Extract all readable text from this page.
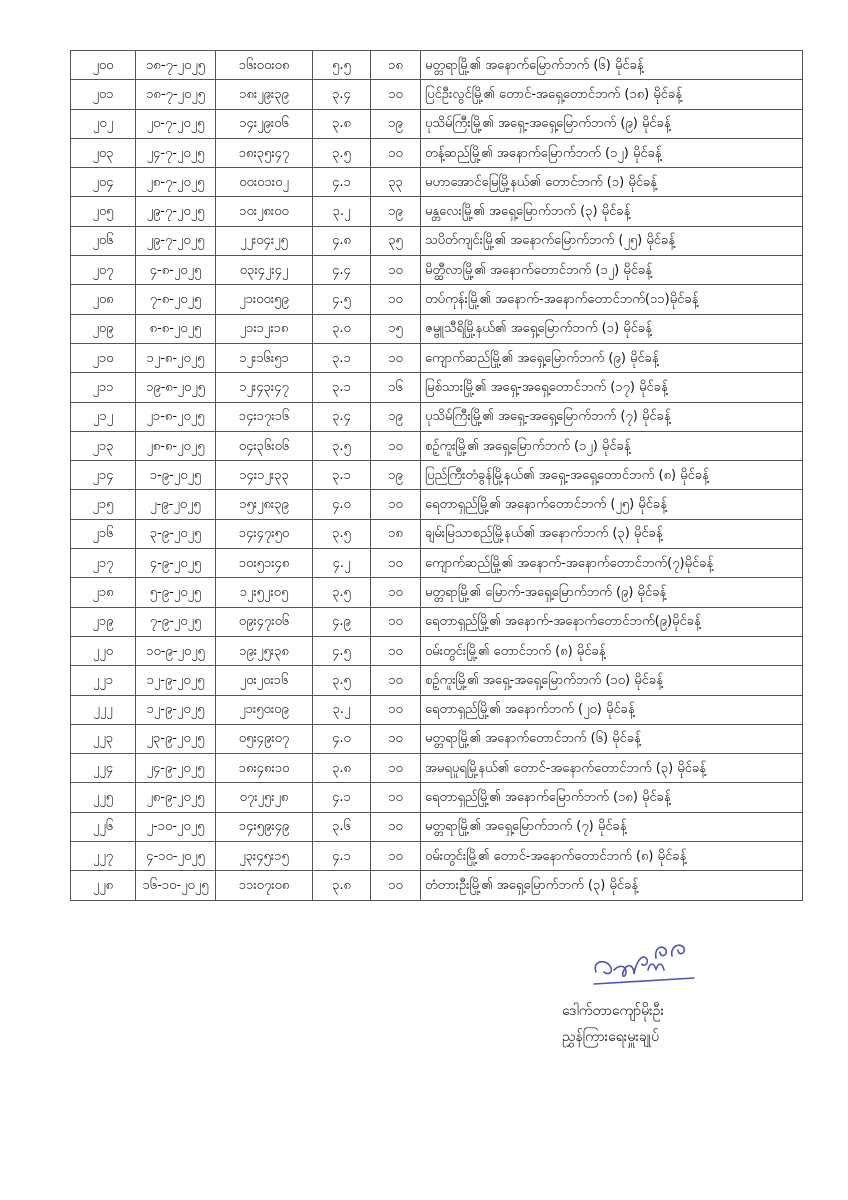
၂၀၀	၁၈-၇-၂၀၂၅	၁၆း၀၀း၀၈	၅.၅	၁၈	မတ္တရာမြို့၏ အနောက်မြောက်ဘက် (၆) မိုင်ခန့်
၂၀၁	၁၈-၇-၂၀၂၅	၁၈း၂၉း၃၉	၃.၄	၁၀	ပြင်ဦးလွင်မြို့၏ တောင်-အရှေ့တောင်ဘက် (၁၈) မိုင်ခန့်
၂၀၂	၂၀-၇-၂၀၂၅	၁၄း၂၉း၀၆	၃.၈	၁၉	ပုသိမ်ကြီးမြို့၏ အရှေ့-အရှေ့မြောက်ဘက် (၉) မိုင်ခန့်
၂၀၃	၂၄-၇-၂၀၂၅	၁၈း၃၅း၄၇	၃.၅	၁၀	တန့်ဆည်မြို့၏ အနောက်မြောက်ဘက် (၁၂) မိုင်ခန့်
၂၀၄	၂၈-၇-၂၀၂၅	၀၀း၀၁း၀၂	၄.၁	၃၃	မဟာအောင်မြေမြို့နယ်၏ တောင်ဘက် (၁) မိုင်ခန့်
၂၀၅	၂၉-၇-၂၀၂၅	၁၀း၂၈း၀၀	၃.၂	၁၉	မန္တလေးမြို့၏ အရှေ့မြောက်ဘက် (၃) မိုင်ခန့်
၂၀၆	၂၉-၇-၂၀၂၅	၂၂း၀၄း၂၅	၄.၈	၃၅	သပိတ်ကျင်းမြို့၏ အနောက်မြောက်ဘက် (၂၅) မိုင်ခန့်
၂၀၇	၄-၈-၂၀၂၅	၀၃း၄၂း၄၂	၄.၄	၁၀	မိတ္ထီလာမြို့၏ အနောက်တောင်ဘက် (၁၂) မိုင်ခန့်
၂၀၈	၇-၈-၂၀၂၅	၂၁း၀၀း၅၉	၄.၅	၁၀	တပ်ကုန်းမြို့၏ အနောက်-အနောက်တောင်ဘက်(၁၁)မိုင်ခန့်
၂၀၉	၈-၈-၂၀၂၅	၂၁း၁၂း၁၈	၃.၀	၁၅	ဇမ္ဗူသီရိမြို့နယ်၏ အရှေ့မြောက်ဘက် (၁) မိုင်ခန့်
၂၁၀	၁၂-၈-၂၀၂၅	၁၂း၁၆း၅၁	၃.၁	၁၀	ကျောက်ဆည်မြို့၏ အရှေ့မြောက်ဘက် (၉) မိုင်ခန့်
၂၁၁	၁၉-၈-၂၀၂၅	၁၂း၄၃း၄၇	၃.၁	၁၆	မြစ်သားမြို့၏ အရှေ့-အရှေ့တောင်ဘက် (၁၇) မိုင်ခန့်
၂၁၂	၂၁-၈-၂၀၂၅	၁၄း၁၇း၁၆	၃.၄	၁၉	ပုသိမ်ကြီးမြို့၏ အရှေ့-အရှေ့မြောက်ဘက် (၇) မိုင်ခန့်
၂၁၃	၂၈-၈-၂၀၂၅	၀၄း၃၆း၀၆	၃.၅	၁၀	စဉ့်ကူးမြို့၏ အရှေ့မြောက်ဘက် (၁၂) မိုင်ခန့်
၂၁၄	၁-၉-၂၀၂၅	၁၄း၁၂း၃၃	၃.၁	၁၉	ပြည်ကြီးတံခွန်မြို့နယ်၏ အရှေ့-အရှေ့တောင်ဘက် (၈) မိုင်ခန့်
၂၁၅	၂-၉-၂၀၂၅	၁၅း၂၈း၃၉	၄.၀	၁၀	ရေတာရှည်မြို့၏ အနောက်တောင်ဘက် (၂၅) မိုင်ခန့်
၂၁၆	၃-၉-၂၀၂၅	၁၄း၄၇း၅၀	၃.၅	၁၈	ချမ်းမြသာစည်မြို့နယ်၏ အနောက်ဘက် (၃) မိုင်ခန့်
၂၁၇	၄-၉-၂၀၂၅	၁၀း၅၁း၄၈	၄.၂	၁၀	ကျောက်ဆည်မြို့၏ အနောက်-အနောက်တောင်ဘက်(၇)မိုင်ခန့်
၂၁၈	၅-၉-၂၀၂၅	၁၂း၅၂း၀၅	၃.၅	၁၀	မတ္တရာမြို့၏ မြောက်-အရှေ့မြောက်ဘက် (၉) မိုင်ခန့်
၂၁၉	၇-၉-၂၀၂၅	၀၉း၄၇း၀၆	၄.၉	၁၀	ရေတာရှည်မြို့၏ အနောက်-အနောက်တောင်ဘက်(၉)မိုင်ခန့်
၂၂၀	၁၀-၉-၂၀၂၅	၁၉း၂၅း၃၈	၄.၅	၁၀	ဝမ်းတွင်းမြို့၏ တောင်ဘက် (၈) မိုင်ခန့်
၂၂၁	၁၂-၉-၂၀၂၅	၂၀း၂၀း၁၆	၃.၅	၁၀	စဉ့်ကူးမြို့၏ အရှေ့-အရှေ့မြောက်ဘက် (၁၀) မိုင်ခန့်
၂၂၂	၁၂-၉-၂၀၂၅	၂၁း၅၀း၀၉	၃.၂	၁၀	ရေတာရှည်မြို့၏ အနောက်ဘက် (၂၀) မိုင်ခန့်
၂၂၃	၂၃-၉-၂၀၂၅	၀၅း၄၉း၀၇	၄.၀	၁၀	မတ္တရာမြို့၏ အနောက်တောင်ဘက် (၆) မိုင်ခန့်
၂၂၄	၂၄-၉-၂၀၂၅	၁၈း၄၈း၁၀	၃.၈	၁၀	အမရပူရမြို့နယ်၏ တောင်-အနောက်တောင်ဘက် (၃) မိုင်ခန့်
၂၂၅	၂၈-၉-၂၀၂၅	၀၇း၂၅း၂၈	၄.၁	၁၀	ရေတာရှည်မြို့၏ အနောက်မြောက်ဘက် (၁၈) မိုင်ခန့်
၂၂၆	၂-၁၀-၂၀၂၅	၁၄း၅၉း၄၉	၃.၆	၁၀	မတ္တရာမြို့၏ အရှေ့မြောက်ဘက် (၇) မိုင်ခန့်
၂၂၇	၄-၁၀-၂၀၂၅	၂၃း၄၅း၁၅	၄.၁	၁၀	ဝမ်းတွင်းမြို့၏ တောင်-အနောက်တောင်ဘက် (၈) မိုင်ခန့်
၂၂၈	၁၆-၁၀-၂၀၂၅	၁၁း၀၇း၀၈	၃.၈	၁၀	တံတားဦးမြို့၏ အရှေ့မြောက်ဘက် (၃) မိုင်ခန့်
ဒေါက်တာကျော်မိုးဦး
ညွှန်ကြားရေးမှူးချုပ်
